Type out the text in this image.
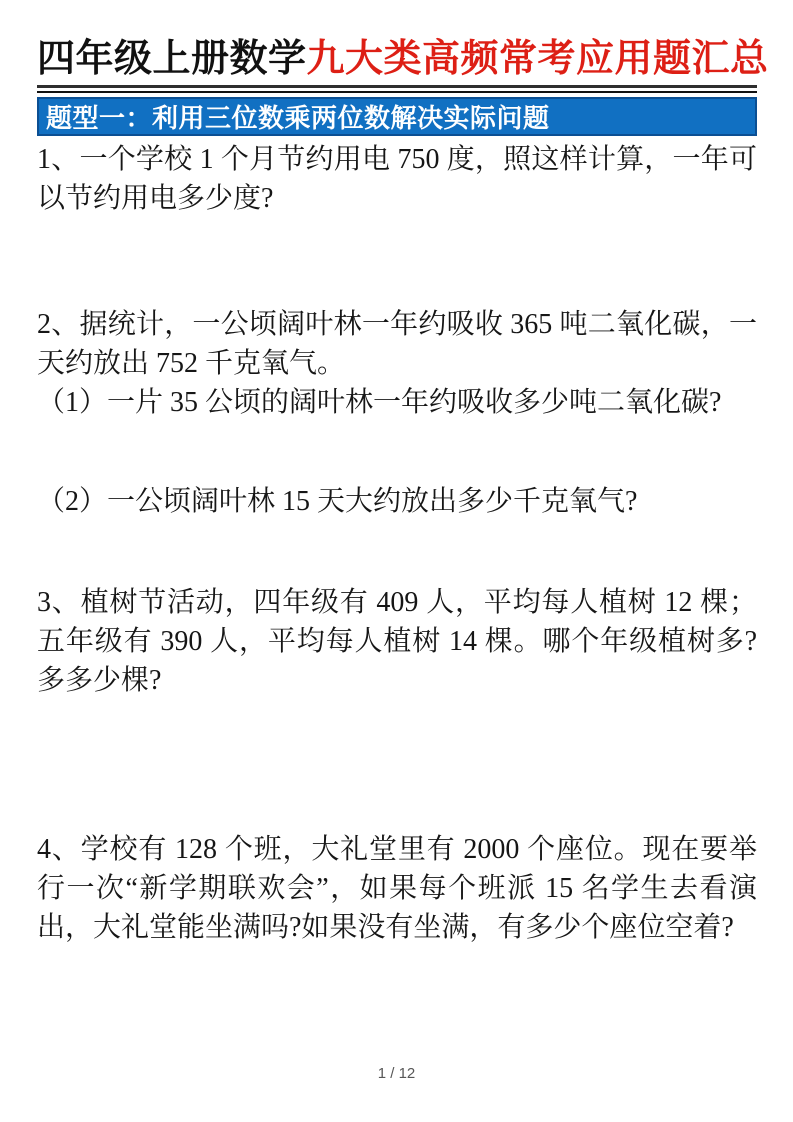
四年级上册数学九大类高频常考应用题汇总
题型一：利用三位数乘两位数解决实际问题

1、一个学校 1 个月节约用电 750 度，照这样计算，一年可以节约用电多少度?

2、据统计，一公顷阔叶林一年约吸收 365 吨二氧化碳，一天约放出 752 千克氧气。

（1）一片 35 公顷的阔叶林一年约吸收多少吨二氧化碳?

（2）一公顷阔叶林 15 天大约放出多少千克氧气?

3、植树节活动，四年级有 409 人，平均每人植树 12 棵；五年级有 390 人，平均每人植树 14 棵。哪个年级植树多?多多少棵?

4、学校有 128 个班，大礼堂里有 2000 个座位。现在要举行一次“新学期联欢会”，如果每个班派 15 名学生去看演出，大礼堂能坐满吗?如果没有坐满，有多少个座位空着?

1 / 12
